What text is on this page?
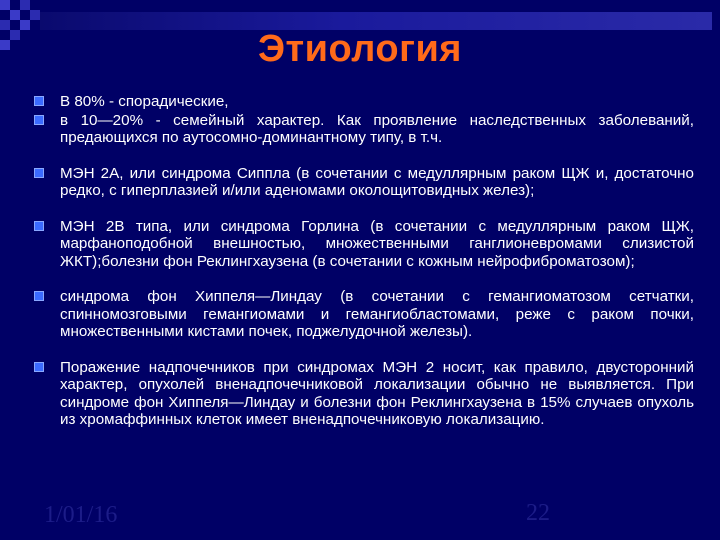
Этиология
В 80% - спорадические,
в 10—20% - семейный характер. Как проявление наследственных заболеваний, предающихся по аутосомно-доминантному типу, в т.ч.
МЭН 2А, или синдрома Сиппла (в сочетании с медуллярным раком ЩЖ и, достаточно редко, с гиперплазией и/или аденомами околощитовидных желез);
МЭН 2В типа, или синдрома Горлина (в сочетании с медуллярным раком ЩЖ, марфаноподобной внешностью, множественными ганглионевромами слизистой ЖКТ);болезни фон Реклингхаузена (в сочетании с кожным нейрофиброматозом);
синдрома фон Хиппеля—Линдау (в сочетании с гемангиоматозом сетчатки, спинномозговыми гемангиомами и гемангиобластомами, реже с раком почки, множественными кистами почек, поджелудочной железы).
Поражение надпочечников при синдромах МЭН 2 носит, как правило, двусторонний характер, опухолей вненадпочечниковой локализации обычно не выявляется. При синдроме фон Хиппеля—Линдау и болезни фон Реклингхаузена в 15% случаев опухоль из хромаффинных клеток имеет вненадпочечниковую локализацию.
1/01/16	22
